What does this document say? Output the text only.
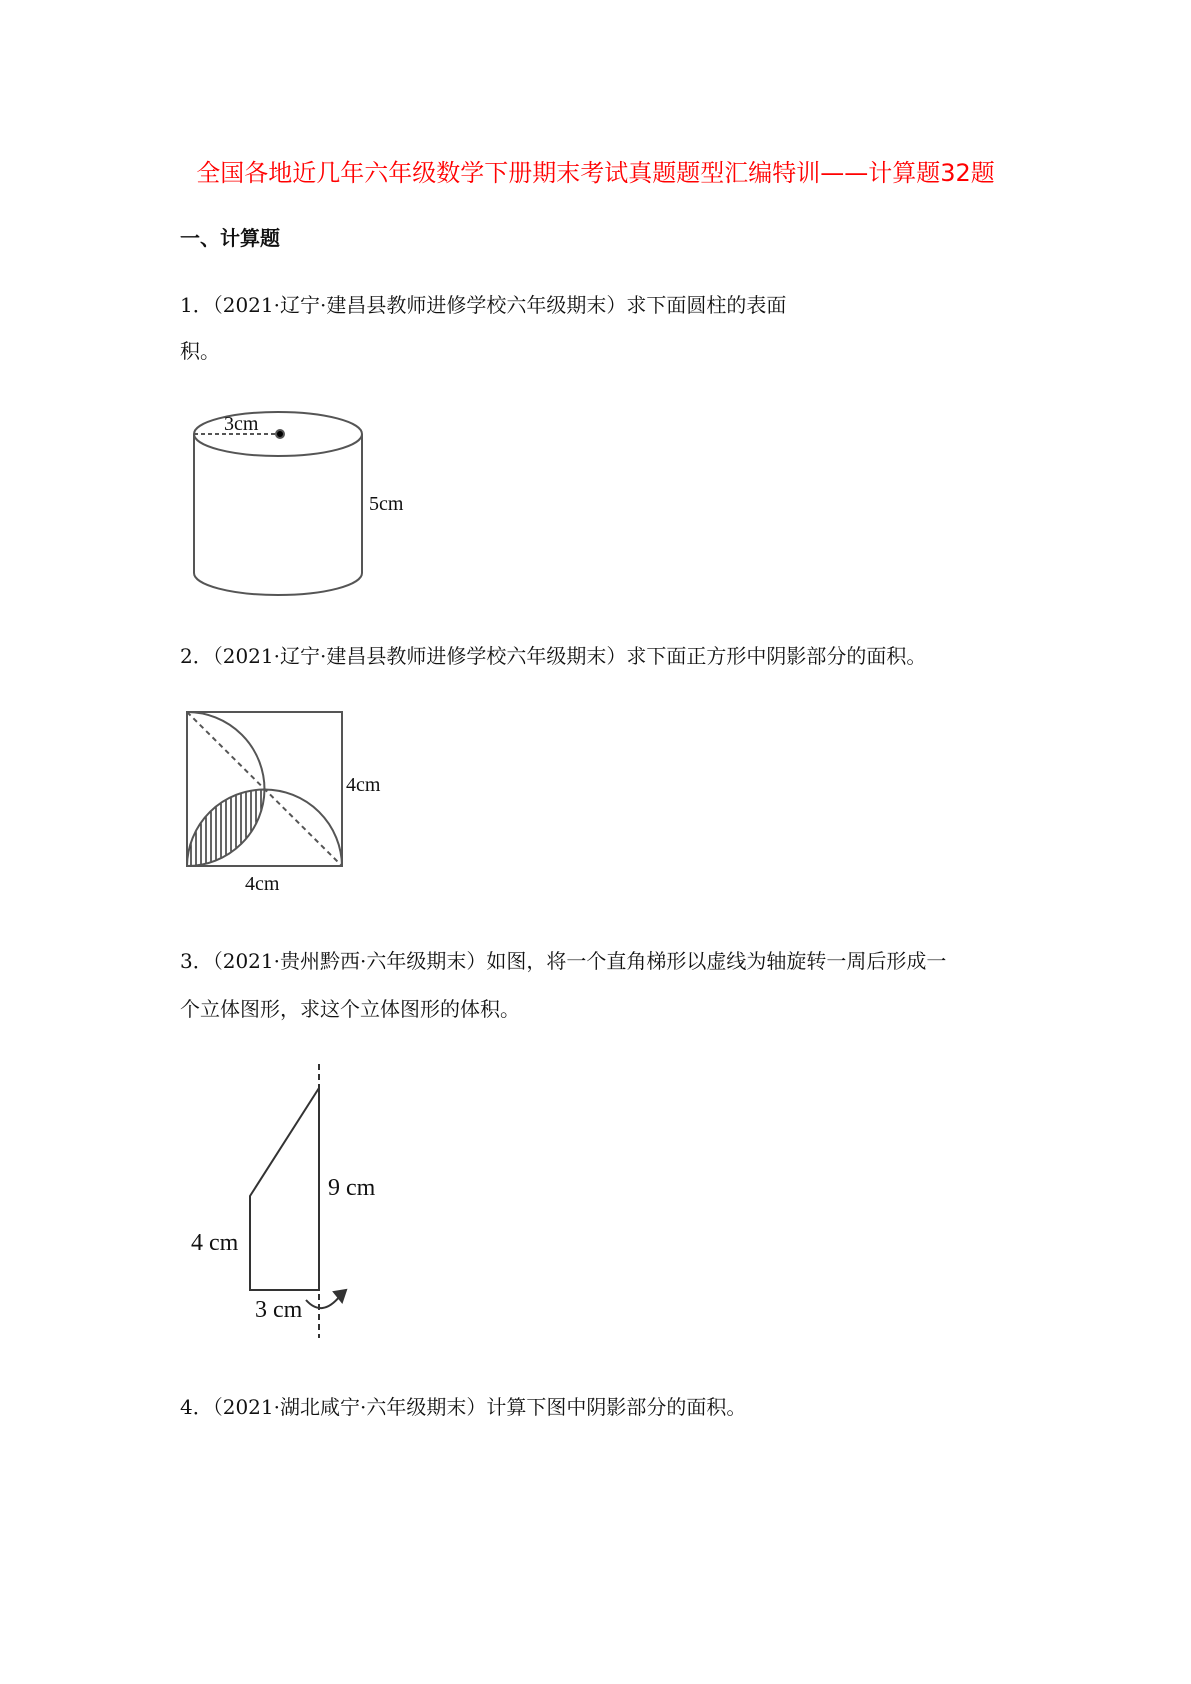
全国各地近几年六年级数学下册期末考试真题题型汇编特训——计算题32题
一、计算题
1．（2021·辽宁·建昌县教师进修学校六年级期末）求下面圆柱的表面
积。
3cm
5cm
2．（2021·辽宁·建昌县教师进修学校六年级期末）求下面正方形中阴影部分的面积。
4cm
4cm
3．（2021·贵州黔西·六年级期末）如图，将一个直角梯形以虚线为轴旋转一周后形成一
个立体图形，求这个立体图形的体积。
9 cm
4 cm
3 cm
4．（2021·湖北咸宁·六年级期末）计算下图中阴影部分的面积。
